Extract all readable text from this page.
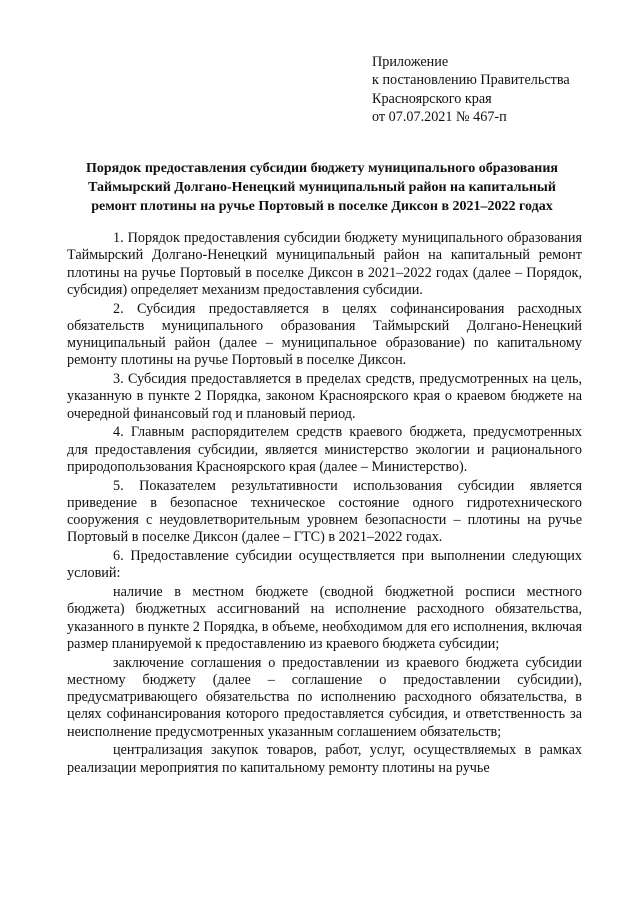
Приложение
к постановлению Правительства
Красноярского края
от 07.07.2021 № 467-п
Порядок предоставления субсидии бюджету муниципального образования
Таймырский Долгано-Ненецкий муниципальный район на капитальный
ремонт плотины на ручье Портовый в поселке Диксон в 2021–2022 годах

1. Порядок предоставления субсидии бюджету муниципального образования Таймырский Долгано-Ненецкий муниципальный район на капитальный ремонт плотины на ручье Портовый в поселке Диксон в 2021–2022 годах (далее – Порядок, субсидия) определяет механизм предоставления субсидии.

2. Субсидия предоставляется в целях софинансирования расходных обязательств муниципального образования Таймырский Долгано-Ненецкий муниципальный район (далее – муниципальное образование) по капитальному ремонту плотины на ручье Портовый в поселке Диксон.

3. Субсидия предоставляется в пределах средств, предусмотренных на цель, указанную в пункте 2 Порядка, законом Красноярского края о краевом бюджете на очередной финансовый год и плановый период.

4. Главным распорядителем средств краевого бюджета, предусмотренных для предоставления субсидии, является министерство экологии и рационального природопользования Красноярского края (далее – Министерство).

5. Показателем результативности использования субсидии является приведение в безопасное техническое состояние одного гидротехнического сооружения с неудовлетворительным уровнем безопасности – плотины на ручье Портовый в поселке Диксон (далее – ГТС) в 2021–2022 годах.

6. Предоставление субсидии осуществляется при выполнении следующих условий:

наличие в местном бюджете (сводной бюджетной росписи местного бюджета) бюджетных ассигнований на исполнение расходного обязательства, указанного в пункте 2 Порядка, в объеме, необходимом для его исполнения, включая размер планируемой к предоставлению из краевого бюджета субсидии;

заключение соглашения о предоставлении из краевого бюджета субсидии местному бюджету (далее – соглашение о предоставлении субсидии), предусматривающего обязательства по исполнению расходного обязательства, в целях софинансирования которого предоставляется субсидия, и ответственность за неисполнение предусмотренных указанным соглашением обязательств;

централизация закупок товаров, работ, услуг, осуществляемых в рамках реализации мероприятия по капитальному ремонту плотины на ручье
